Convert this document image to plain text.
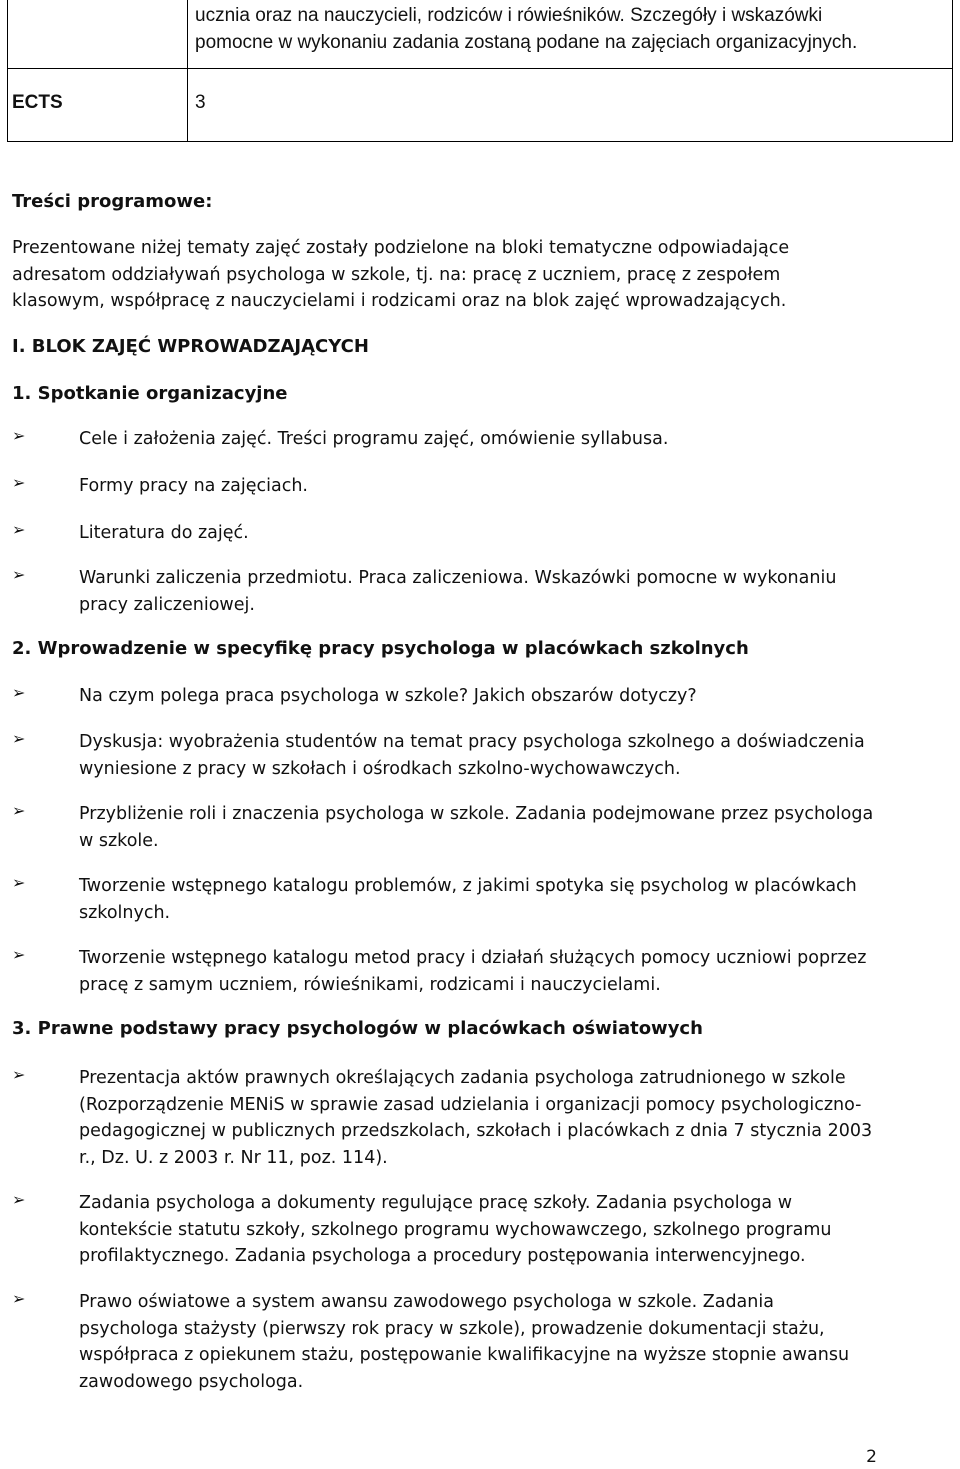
ucznia oraz na nauczycieli, rodziców i rówieśników. Szczegóły i wskazówki
pomocne w wykonaniu zadania zostaną podane na zajęciach organizacyjnych.
ECTS	3
Treści programowe:
Prezentowane niżej tematy zajęć zostały podzielone na bloki tematyczne odpowiadające
adresatom oddziaływań psychologa w szkole, tj. na: pracę z uczniem, pracę z zespołem
klasowym, współpracę z nauczycielami i rodzicami oraz na blok zajęć wprowadzających.
I. BLOK ZAJĘĆ WPROWADZAJĄCYCH
1. Spotkanie organizacyjne
➢	Cele i założenia zajęć. Treści programu zajęć, omówienie syllabusa.
➢	Formy pracy na zajęciach.
➢	Literatura do zajęć.
➢	Warunki zaliczenia przedmiotu. Praca zaliczeniowa. Wskazówki pomocne w wykonaniu
pracy zaliczeniowej.
2. Wprowadzenie w specyfikę pracy psychologa w placówkach szkolnych
➢	Na czym polega praca psychologa w szkole? Jakich obszarów dotyczy?
➢	Dyskusja: wyobrażenia studentów na temat pracy psychologa szkolnego a doświadczenia
wyniesione z pracy w szkołach i ośrodkach szkolno-wychowawczych.
➢	Przybliżenie roli i znaczenia psychologa w szkole. Zadania podejmowane przez psychologa
w szkole.
➢	Tworzenie wstępnego katalogu problemów, z jakimi spotyka się psycholog w placówkach
szkolnych.
➢	Tworzenie wstępnego katalogu metod pracy i działań służących pomocy uczniowi poprzez
pracę z samym uczniem, rówieśnikami, rodzicami i nauczycielami.
3. Prawne podstawy pracy psychologów w placówkach oświatowych
➢	Prezentacja aktów prawnych określających zadania psychologa zatrudnionego w szkole
(Rozporządzenie MENiS w sprawie zasad udzielania i organizacji pomocy psychologiczno-
pedagogicznej w publicznych przedszkolach, szkołach i placówkach z dnia 7 stycznia 2003
r., Dz. U. z 2003 r. Nr 11, poz. 114).
➢	Zadania psychologa a dokumenty regulujące pracę szkoły. Zadania psychologa w
kontekście statutu szkoły, szkolnego programu wychowawczego, szkolnego programu
profilaktycznego. Zadania psychologa a procedury postępowania interwencyjnego.
➢	Prawo oświatowe a system awansu zawodowego psychologa w szkole. Zadania
psychologa stażysty (pierwszy rok pracy w szkole), prowadzenie dokumentacji stażu,
współpraca z opiekunem stażu, postępowanie kwalifikacyjne na wyższe stopnie awansu
zawodowego psychologa.
2
